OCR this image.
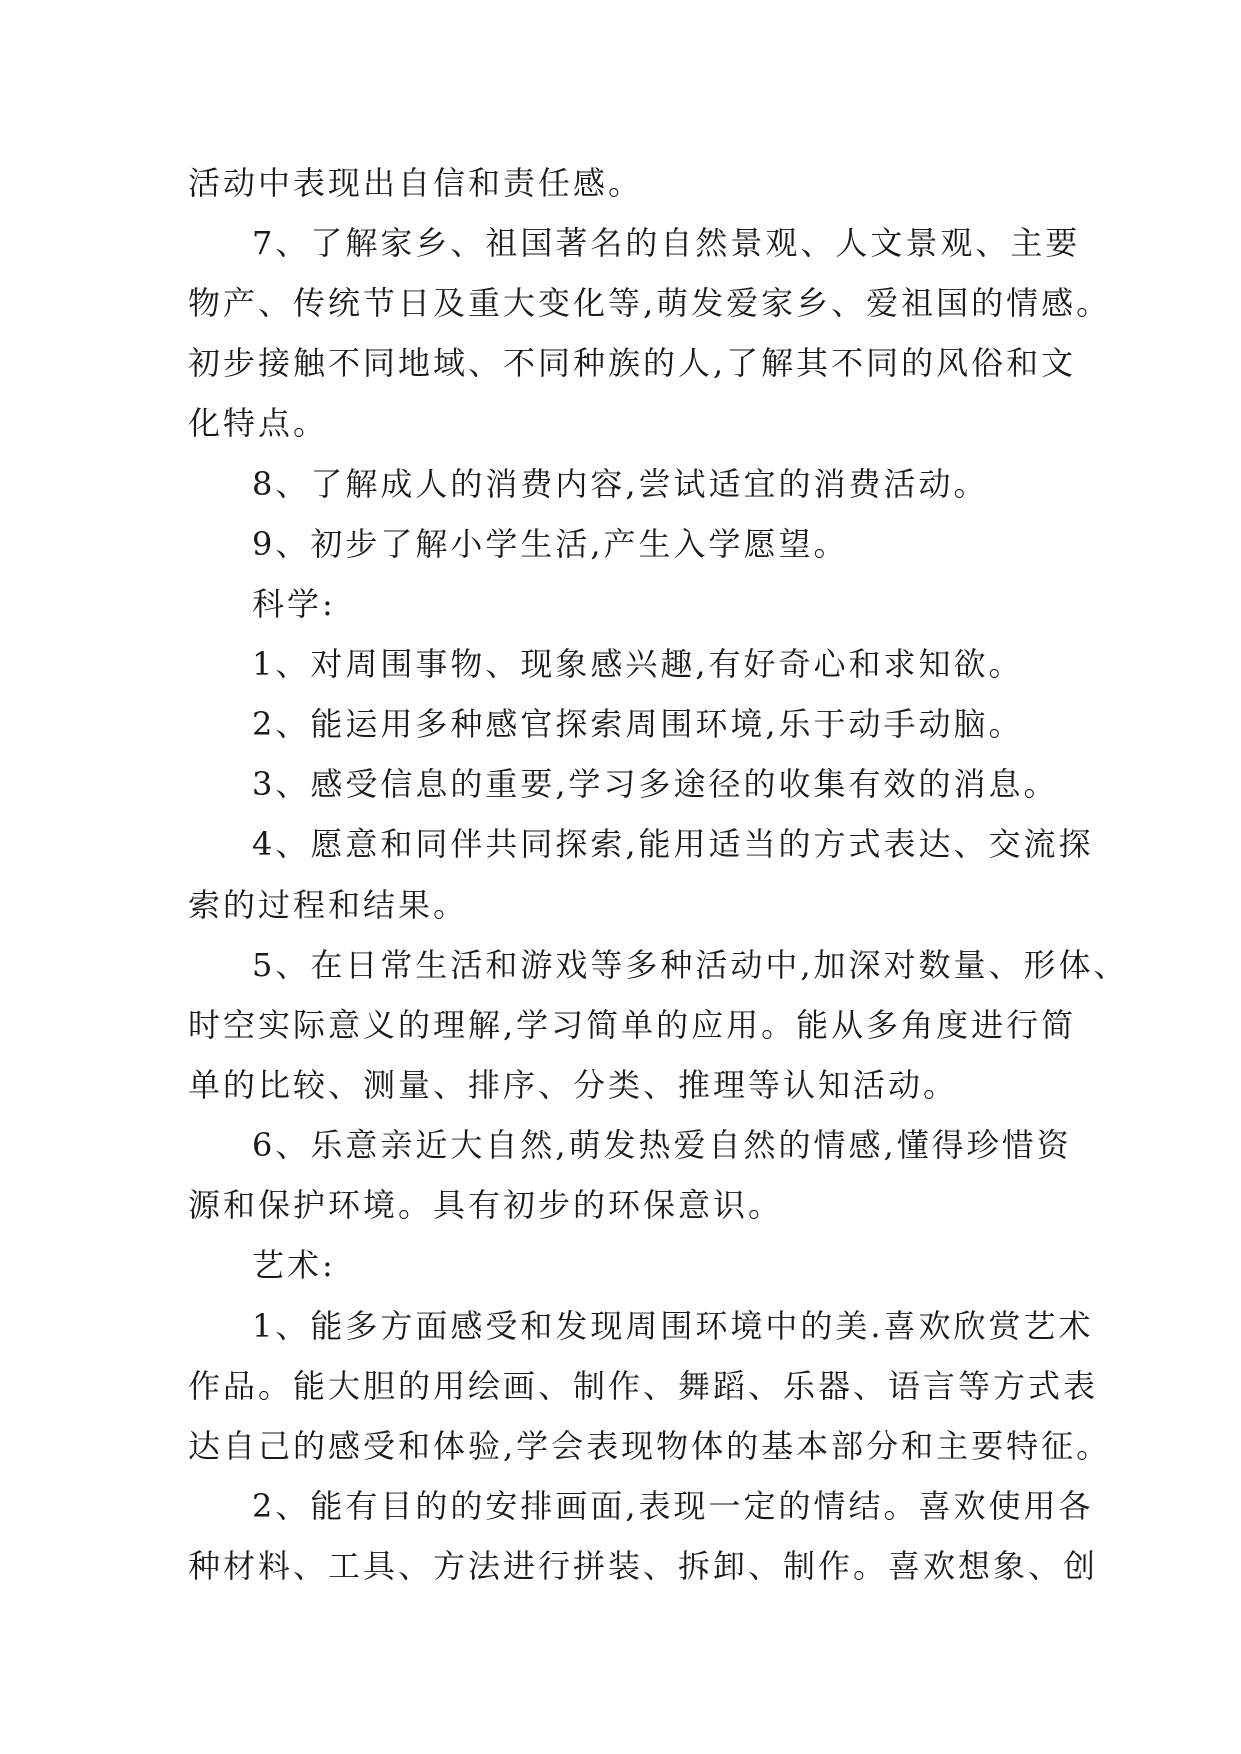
活动中表现出自信和责任感。

7、了解家乡、祖国著名的自然景观、人文景观、主要

物产、传统节日及重大变化等,萌发爱家乡、爱祖国的情感。

初步接触不同地域、不同种族的人,了解其不同的风俗和文

化特点。

8、了解成人的消费内容,尝试适宜的消费活动。

9、初步了解小学生活,产生入学愿望。

科学:

1、对周围事物、现象感兴趣,有好奇心和求知欲。

2、能运用多种感官探索周围环境,乐于动手动脑。

3、感受信息的重要,学习多途径的收集有效的消息。

4、愿意和同伴共同探索,能用适当的方式表达、交流探

索的过程和结果。

5、在日常生活和游戏等多种活动中,加深对数量、形体、

时空实际意义的理解,学习简单的应用。能从多角度进行简

单的比较、测量、排序、分类、推理等认知活动。

6、乐意亲近大自然,萌发热爱自然的情感,懂得珍惜资

源和保护环境。具有初步的环保意识。

艺术:

1、能多方面感受和发现周围环境中的美.喜欢欣赏艺术

作品。能大胆的用绘画、制作、舞蹈、乐器、语言等方式表

达自己的感受和体验,学会表现物体的基本部分和主要特征。

2、能有目的的安排画面,表现一定的情结。喜欢使用各

种材料、工具、方法进行拼装、拆卸、制作。喜欢想象、创
